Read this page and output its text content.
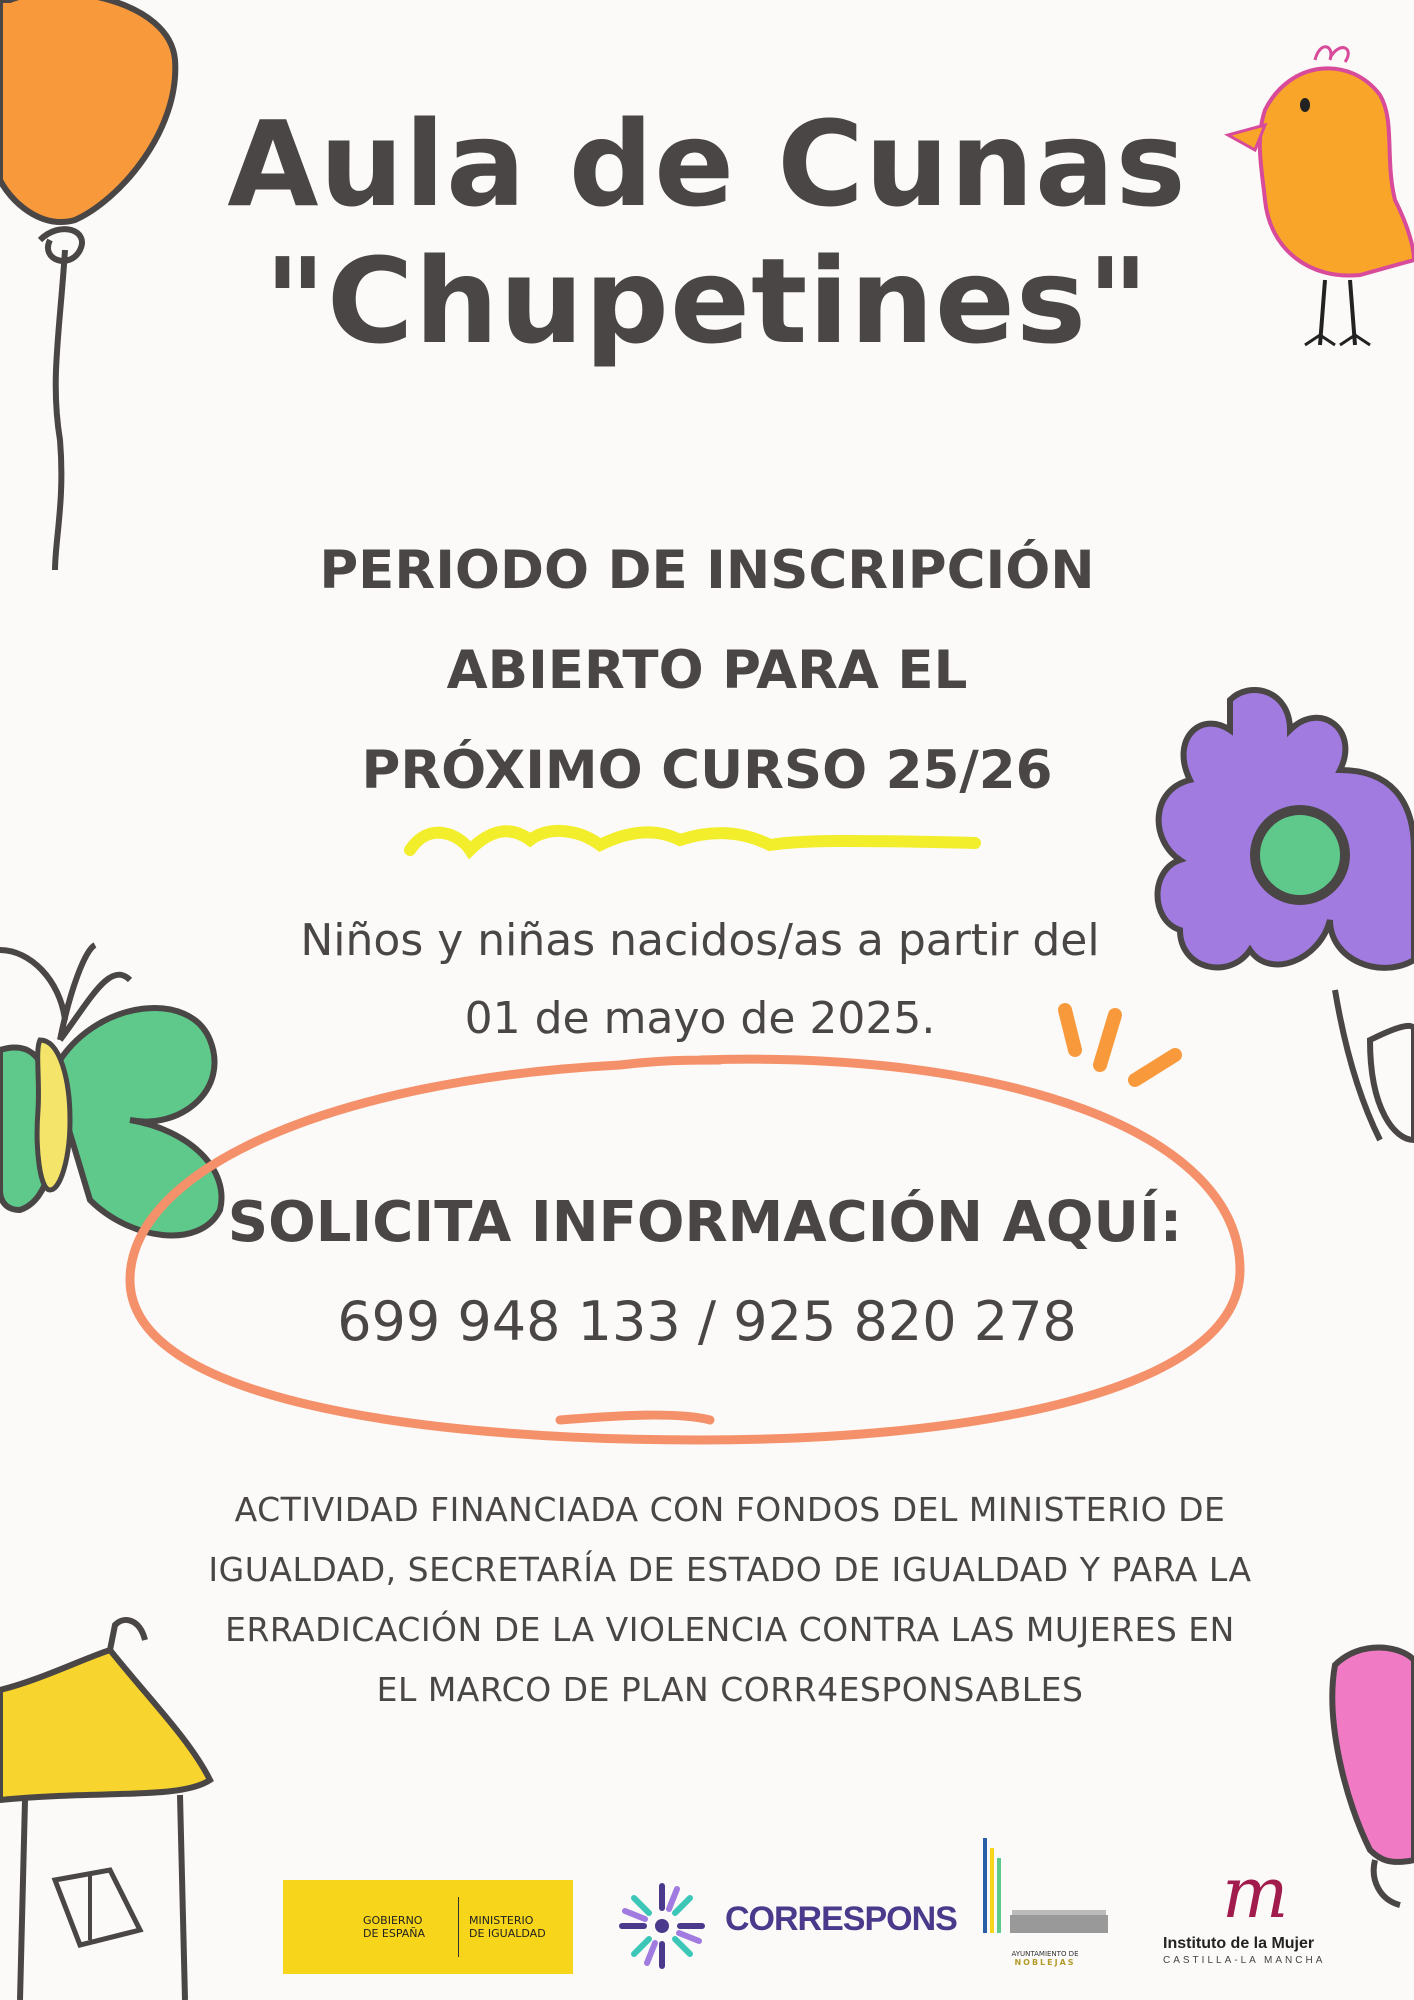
Aula de Cunas
"Chupetines"
PERIODO DE INSCRIPCIÓN
ABIERTO PARA EL
PRÓXIMO CURSO 25/26
Niños y niñas nacidos/as a partir del
01 de mayo de 2025.
SOLICITA INFORMACIÓN AQUÍ:
699 948 133 / 925 820 278
ACTIVIDAD FINANCIADA CON FONDOS DEL MINISTERIO DE
IGUALDAD, SECRETARÍA DE ESTADO DE IGUALDAD Y PARA LA
ERRADICACIÓN DE LA VIOLENCIA CONTRA LAS MUJERES EN
EL MARCO DE PLAN CORR4ESPONSABLES
GOBIERNO
DE ESPAÑA
MINISTERIO
DE IGUALDAD	CORRESPONS
AYUNTAMIENTO DE
NOBLEJAS
m
Instituto de la Mujer
CASTILLA-LA MANCHA
